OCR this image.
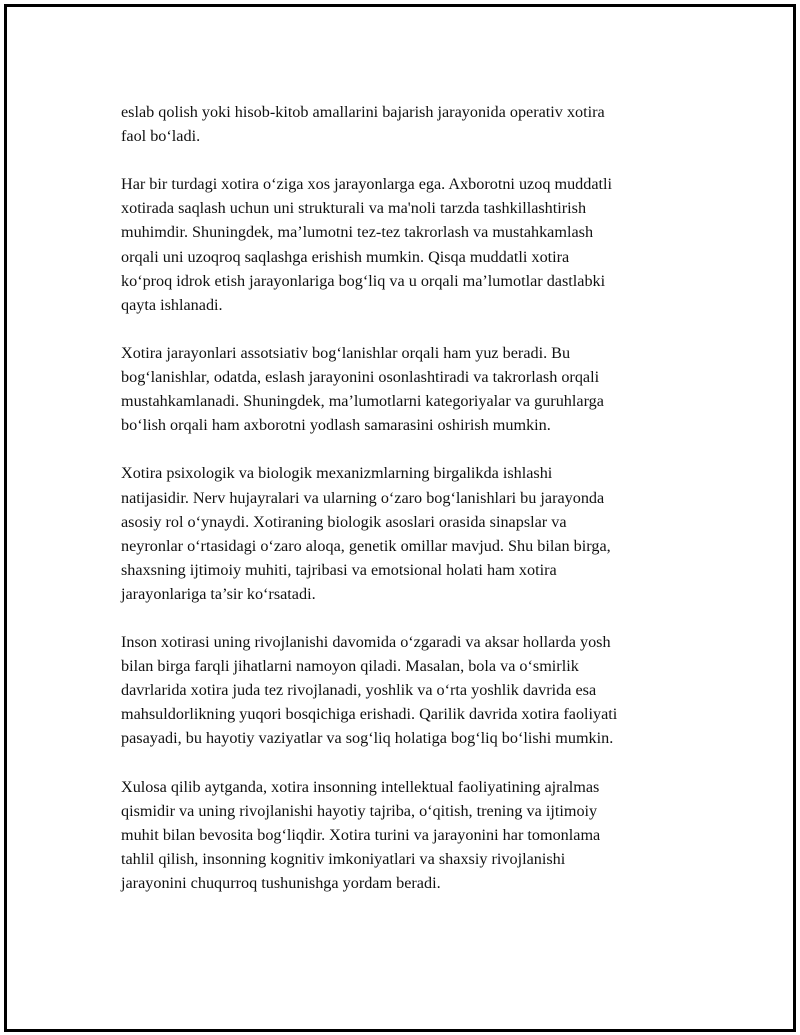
eslab qolish yoki hisob-kitob amallarini bajarish jarayonida operativ xotira
faol bo‘ladi.

Har bir turdagi xotira o‘ziga xos jarayonlarga ega. Axborotni uzoq muddatli
xotirada saqlash uchun uni strukturali va ma'noli tarzda tashkillashtirish
muhimdir. Shuningdek, ma’lumotni tez-tez takrorlash va mustahkamlash
orqali uni uzoqroq saqlashga erishish mumkin. Qisqa muddatli xotira
ko‘proq idrok etish jarayonlariga bog‘liq va u orqali ma’lumotlar dastlabki
qayta ishlanadi.

Xotira jarayonlari assotsiativ bog‘lanishlar orqali ham yuz beradi. Bu
bog‘lanishlar, odatda, eslash jarayonini osonlashtiradi va takrorlash orqali
mustahkamlanadi. Shuningdek, ma’lumotlarni kategoriyalar va guruhlarga
bo‘lish orqali ham axborotni yodlash samarasini oshirish mumkin.

Xotira psixologik va biologik mexanizmlarning birgalikda ishlashi
natijasidir. Nerv hujayralari va ularning o‘zaro bog‘lanishlari bu jarayonda
asosiy rol o‘ynaydi. Xotiraning biologik asoslari orasida sinapslar va
neyronlar o‘rtasidagi o‘zaro aloqa, genetik omillar mavjud. Shu bilan birga,
shaxsning ijtimoiy muhiti, tajribasi va emotsional holati ham xotira
jarayonlariga ta’sir ko‘rsatadi.

Inson xotirasi uning rivojlanishi davomida o‘zgaradi va aksar hollarda yosh
bilan birga farqli jihatlarni namoyon qiladi. Masalan, bola va o‘smirlik
davrlarida xotira juda tez rivojlanadi, yoshlik va o‘rta yoshlik davrida esa
mahsuldorlikning yuqori bosqichiga erishadi. Qarilik davrida xotira faoliyati
pasayadi, bu hayotiy vaziyatlar va sog‘liq holatiga bog‘liq bo‘lishi mumkin.

Xulosa qilib aytganda, xotira insonning intellektual faoliyatining ajralmas
qismidir va uning rivojlanishi hayotiy tajriba, o‘qitish, trening va ijtimoiy
muhit bilan bevosita bog‘liqdir. Xotira turini va jarayonini har tomonlama
tahlil qilish, insonning kognitiv imkoniyatlari va shaxsiy rivojlanishi
jarayonini chuqurroq tushunishga yordam beradi.
